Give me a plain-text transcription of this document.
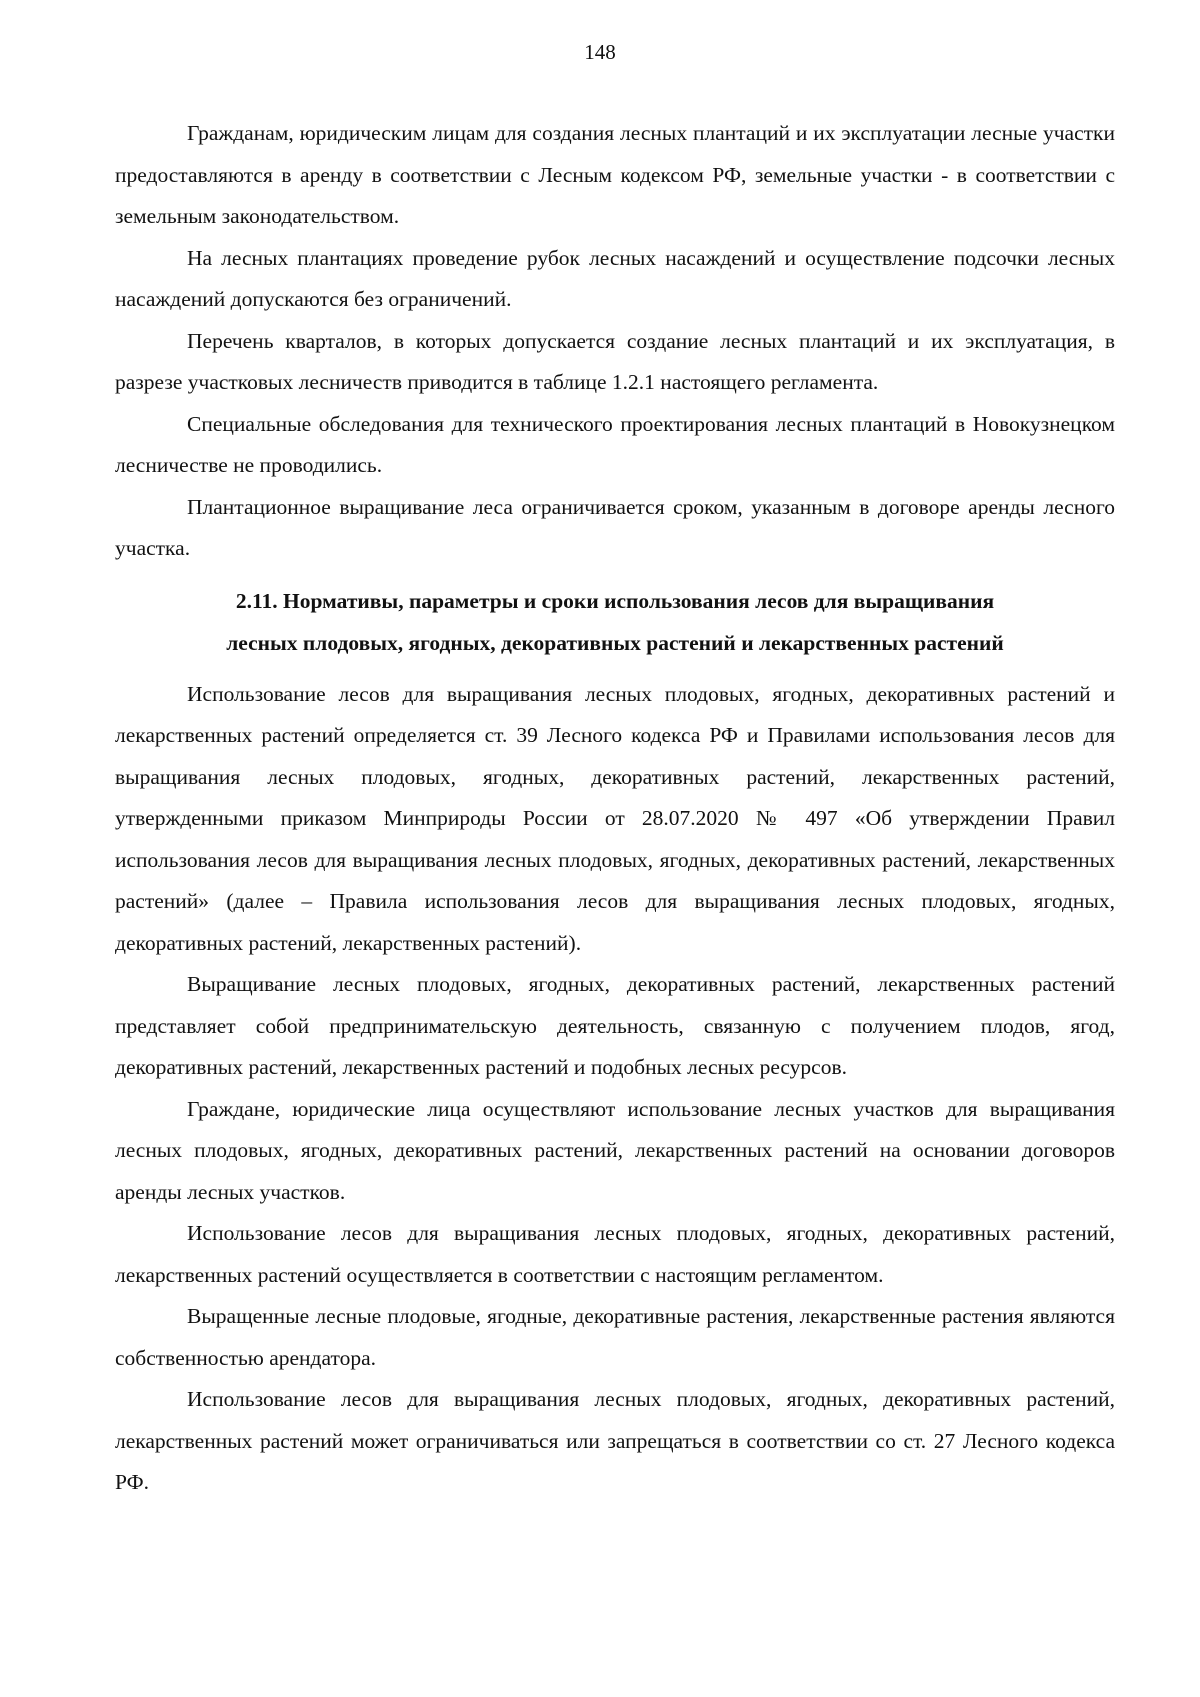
148

Гражданам, юридическим лицам для создания лесных плантаций и их эксплуатации лесные участки предоставляются в аренду в соответствии с Лесным кодексом РФ, земельные участки - в соответствии с земельным законодательством.

На лесных плантациях проведение рубок лесных насаждений и осуществление подсочки лесных насаждений допускаются без ограничений.

Перечень кварталов, в которых допускается создание лесных плантаций и их эксплуатация, в разрезе участковых лесничеств приводится в таблице 1.2.1 настоящего регламента.

Специальные обследования для технического проектирования лесных плантаций в Новокузнецком лесничестве не проводились.

Плантационное выращивание леса ограничивается сроком, указанным в договоре аренды лесного участка.

2.11. Нормативы, параметры и сроки использования лесов для выращивания
лесных плодовых, ягодных, декоративных растений и лекарственных растений

Использование лесов для выращивания лесных плодовых, ягодных, декоративных растений и лекарственных растений определяется ст. 39 Лесного кодекса РФ и Правилами использования лесов для выращивания лесных плодовых, ягодных, декоративных растений, лекарственных растений, утвержденными приказом Минприроды России от 28.07.2020 № 497 «Об утверждении Правил использования лесов для выращивания лесных плодовых, ягодных, декоративных растений, лекарственных растений» (далее – Правила использования лесов для выращивания лесных плодовых, ягодных, декоративных растений, лекарственных растений).

Выращивание лесных плодовых, ягодных, декоративных растений, лекарственных растений представляет собой предпринимательскую деятельность, связанную с получением плодов, ягод, декоративных растений, лекарственных растений и подобных лесных ресурсов.

Граждане, юридические лица осуществляют использование лесных участков для выращивания лесных плодовых, ягодных, декоративных растений, лекарственных растений на основании договоров аренды лесных участков.

Использование лесов для выращивания лесных плодовых, ягодных, декоративных растений, лекарственных растений осуществляется в соответствии с настоящим регламентом.

Выращенные лесные плодовые, ягодные, декоративные растения, лекарственные растения являются собственностью арендатора.

Использование лесов для выращивания лесных плодовых, ягодных, декоративных растений, лекарственных растений может ограничиваться или запрещаться в соответствии со ст. 27 Лесного кодекса РФ.
